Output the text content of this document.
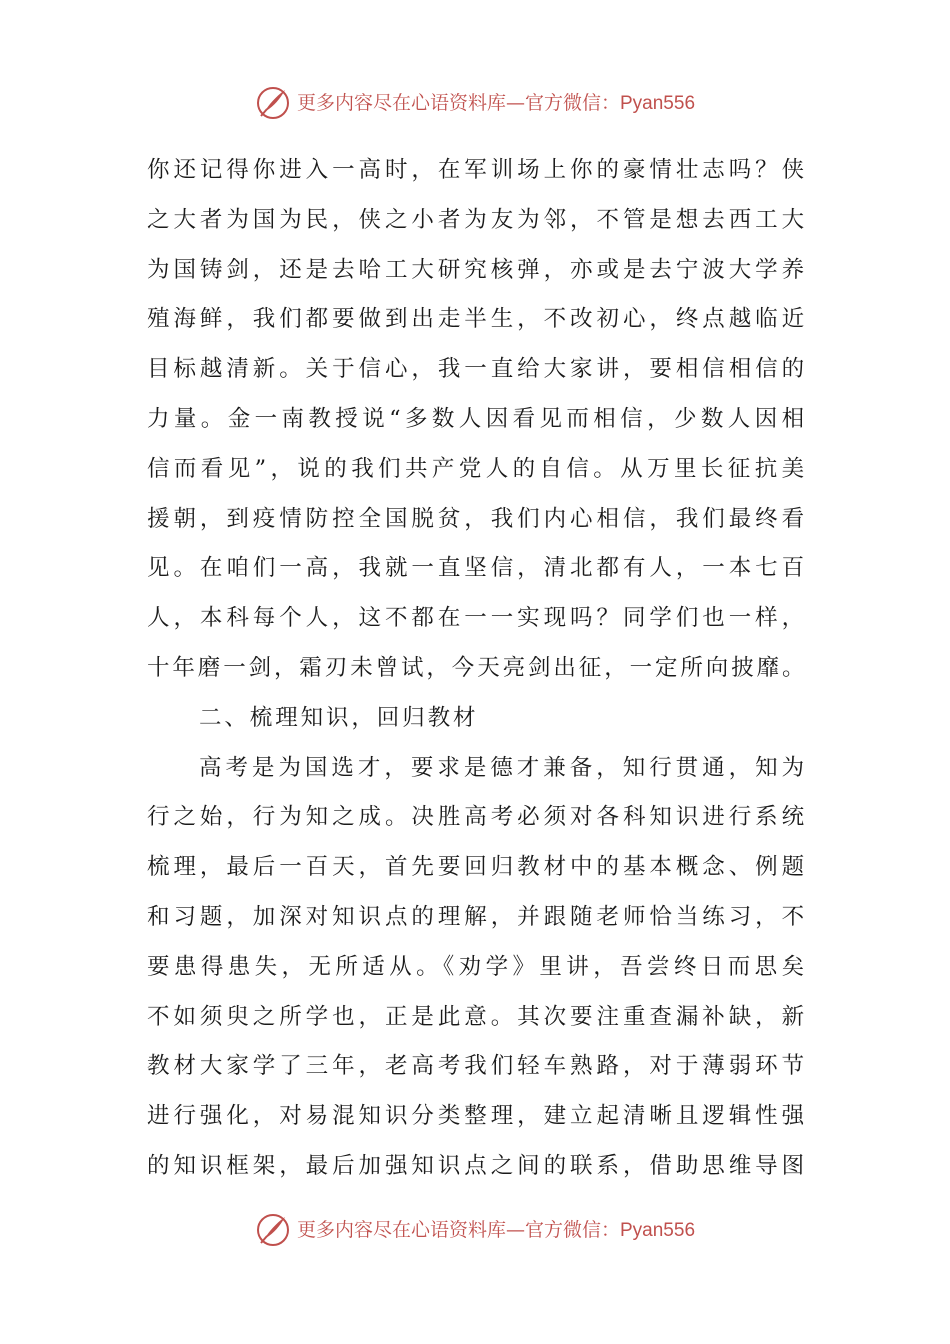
更多内容尽在心语资料库 — 官方微信： Pyan556
你还记得你进入一高时，在军训场上你的豪情壮志吗？侠
之大者为国为民，侠之小者为友为邻，不管是想去西工大
为国铸剑，还是去哈工大研究核弹，亦或是去宁波大学养
殖海鲜，我们都要做到出走半生，不改初心，终点越临近
目标越清新。关于信心，我一直给大家讲，要相信相信的
力量。金一南教授说“多数人因看见而相信，少数人因相
信而看见”，说的我们共产党人的自信。从万里长征抗美
援朝，到疫情防控全国脱贫，我们内心相信，我们最终看
见。在咱们一高，我就一直坚信，清北都有人，一本七百
人，本科每个人，这不都在一一实现吗？同学们也一样，
十年磨一剑，霜刃未曾试，今天亮剑出征，一定所向披靡。
二、梳理知识，回归教材
高考是为国选才，要求是德才兼备，知行贯通，知为
行之始，行为知之成。决胜高考必须对各科知识进行系统
梳理，最后一百天，首先要回归教材中的基本概念、例题
和习题，加深对知识点的理解，并跟随老师恰当练习，不
要患得患失，无所适从。《劝学》里讲，吾尝终日而思矣
不如须臾之所学也，正是此意。其次要注重查漏补缺，新
教材大家学了三年，老高考我们轻车熟路，对于薄弱环节
进行强化，对易混知识分类整理，建立起清晰且逻辑性强
的知识框架，最后加强知识点之间的联系，借助思维导图
更多内容尽在心语资料库 — 官方微信： Pyan556
